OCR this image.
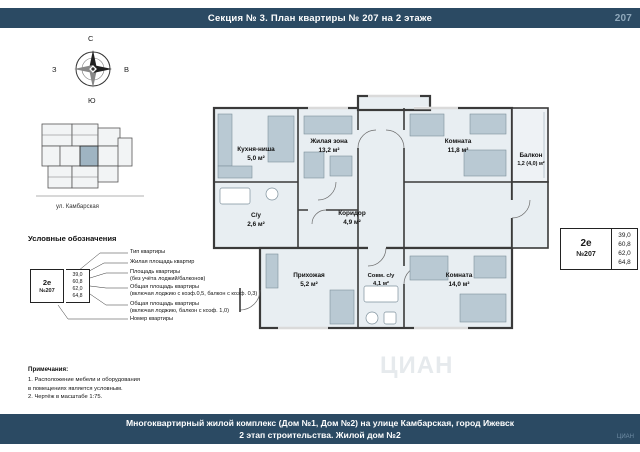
Секция № 3. План квартиры № 207 на 2 этаже	207
С
Ю
З	В
ул. Камбарская
Условные обозначения
2е
№207
39,0
60,8
62,0
64,8
Тип квартиры
Жилая площадь квартир
Площадь квартиры
(без учёта лоджий/балконов)
Общая площадь квартиры
(включая лоджию с коэф.0,5, балкон с коэф. 0,3)
Общая площадь квартиры
(включая лоджию, балкон с коэф. 1,0)
Номер квартиры
Примечания:
1. Расположение мебели и оборудования
в помещениях является условным.
2. Чертёж в масштабе 1:75.
2е
№207
39,0
60,8
62,0
64,8
Кухня-ниша
5,0 м²
Жилая зона
13,2 м²
Комната
11,8 м²
Балкон
1,2 (4,0) м²
С/у
2,6 м²
Коридор
4,9 м²
Прихожая
5,2 м²
Совм. с/у
4,1 м²
Комната
14,0 м²
ЦИАН
Многоквартирный жилой комплекс (Дом №1, Дом №2) на улице Камбарская, город Ижевск
2 этап строительства. Жилой дом №2	ЦИАН
